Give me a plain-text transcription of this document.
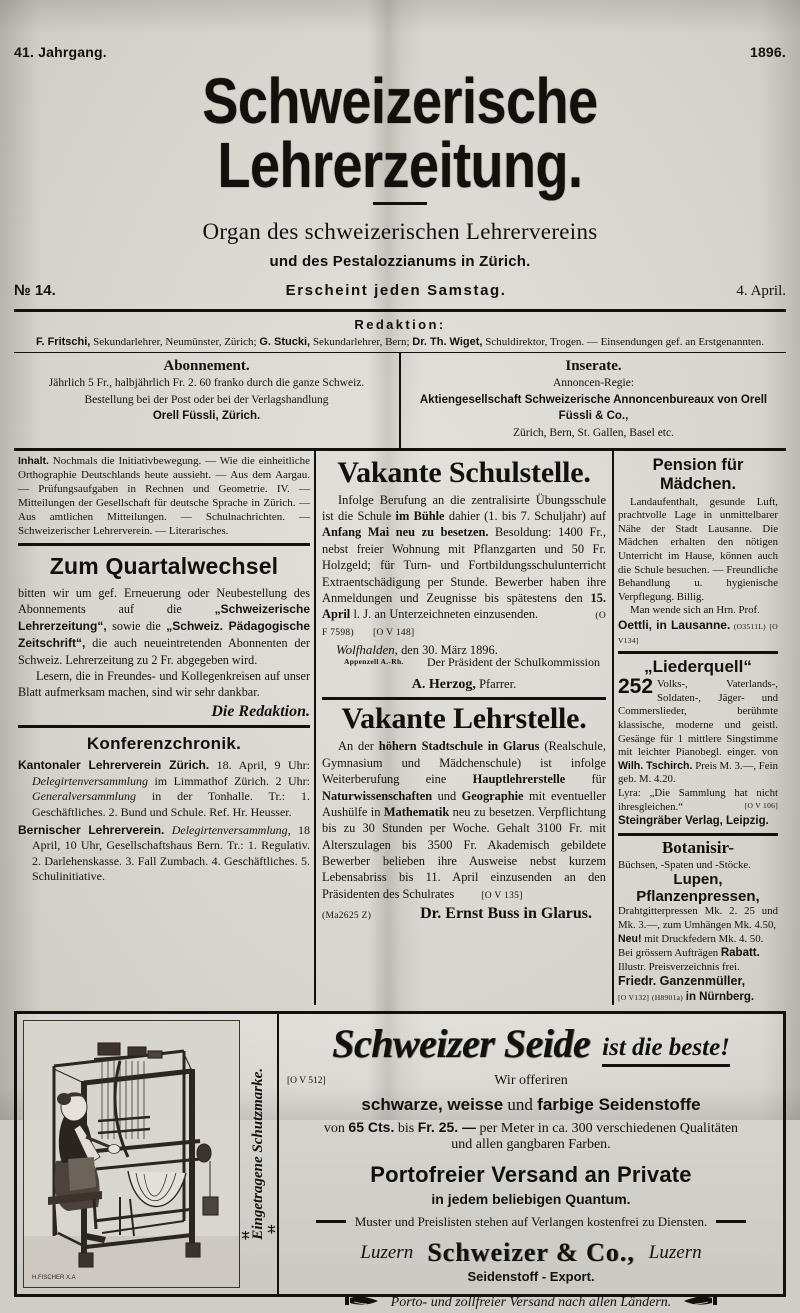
41. Jahrgang.	1896.
Schweizerische Lehrerzeitung.
Organ des schweizerischen Lehrervereins
und des Pestalozzianums in Zürich.
№ 14.	Erscheint jeden Samstag.	4. April.
Redaktion:
F. Fritschi, Sekundarlehrer, Neumünster, Zürich; G. Stucki, Sekundarlehrer, Bern; Dr. Th. Wiget, Schuldirektor, Trogen. — Einsendungen gef. an Erstgenannten.
Abonnement.
Jährlich 5 Fr., halbjährlich Fr. 2. 60 franko durch die ganze Schweiz.
Bestellung bei der Post oder bei der Verlagshandlung
Orell Füssli, Zürich.
Inserate.
Annoncen-Regie:
Aktiengesellschaft Schweizerische Annoncenbureaux von Orell Füssli & Co.,
Zürich, Bern, St. Gallen, Basel etc.
Inhalt. Nochmals die Initiativbewegung. — Wie die einheitliche Orthographie Deutschlands heute aussieht. — Aus dem Aargau. — Prüfungsaufgaben in Rechnen und Geometrie. IV. — Mitteilungen der Gesellschaft für deutsche Sprache in Zürich. — Aus amtlichen Mitteilungen. — Schulnachrichten. — Schweizerischer Lehrerverein. — Literarisches.
Zum Quartalwechsel
bitten wir um gef. Erneuerung oder Neubestellung des Abonnements auf die „Schweizerische Lehrerzeitung“, sowie die „Schweiz. Pädagogische Zeitschrift“, die auch neueintretenden Abonnenten der Schweiz. Lehrerzeitung zu 2 Fr. abgegeben wird.
Lesern, die in Freundes- und Kollegenkreisen auf unser Blatt aufmerksam machen, sind wir sehr dankbar.
Die Redaktion.
Konferenzchronik.
Kantonaler Lehrerverein Zürich. 18. April, 9 Uhr: Delegirtenversammlung im Limmathof Zürich. 2 Uhr: Generalversammlung in der Tonhalle. Tr.: 1. Geschäftliches. 2. Bund und Schule. Ref. Hr. Heusser.
Bernischer Lehrerverein. Delegirtenversammlung, 18 April, 10 Uhr, Gesellschaftshaus Bern. Tr.: 1. Regulativ. 2. Darlehenskasse. 3. Fall Zumbach. 4. Geschäftliches. 5. Schulinitiative.
Vakante Schulstelle.
Infolge Berufung an die zentralisirte Übungsschule ist die Schule im Bühle dahier (1. bis 7. Schuljahr) auf Anfang Mai neu zu besetzen. Besoldung: 1400 Fr., nebst freier Wohnung mit Pflanzgarten und 50 Fr. Holzgeld; für Turn- und Fortbildungsschulunterricht Extraentschädigung per Stunde. Bewerber haben ihre Anmeldungen und Zeugnisse bis spätestens den 15. April l. J. an Unterzeichneten einzusenden.	(O F 7598) [O V 148]
Wolfhalden, den 30. März 1896.
Appenzell A.-Rh. Der Präsident der Schulkommission
A. Herzog, Pfarrer.
Vakante Lehrstelle.
An der höhern Stadtschule in Glarus (Realschule, Gymnasium und Mädchenschule) ist infolge Weiterberufung eine Hauptlehrerstelle für Naturwissenschaften und Geographie mit eventueller Aushülfe in Mathematik neu zu besetzen. Verpflichtung bis zu 30 Stunden per Woche. Gehalt 3100 Fr. mit Alterszulagen bis 3500 Fr. Akademisch gebildete Bewerber belieben ihre Ausweise nebst kurzem Lebensabriss bis 11. April einzusenden an den Präsidenten des Schulrates	[O V 135]
(Ma2625 Z)	Dr. Ernst Buss in Glarus.
Pension für Mädchen.
Landaufenthalt, gesunde Luft, prachtvolle Lage in unmittelbarer Nähe der Stadt Lausanne. Die Mädchen erhalten den nötigen Unterricht im Hause, können auch die Schule besuchen. — Freundliche Behandlung u. hygienische Verpflegung. Billig.
Man wende sich an Hrn. Prof.
Oettli, in Lausanne. (O3511L) [O V134]
„Liederquell“
252 Volks-, Vaterlands-, Soldaten-, Jäger- und Commerslieder, berühmte klassische, moderne und geistl. Gesänge für 1 mittlere Singstimme mit leichter Pianobegl. einger. von Wilh. Tschirch. Preis M. 3.—, Fein geb. M. 4.20.
Lyra: „Die Sammlung hat nicht ihresgleichen.“	[O V 106]
Steingräber Verlag, Leipzig.
Botanisir-
Büchsen, -Spaten und -Stöcke.
Lupen, Pflanzenpressen,
Drahtgitterpressen Mk. 2. 25 und Mk. 3.—, zum Umhängen Mk. 4.50,
Neu! mit Druckfedern Mk. 4. 50.
Bei grössern Aufträgen Rabatt.
Illustr. Preisverzeichnis frei.
Friedr. Ganzenmüller,
[O V132] (H8901a) in Nürnberg.
H.FISCHER X.A
Eingetragene Schutzmarke.
Schweizer Seide ist die beste!
[O V 512]	Wir offeriren
schwarze, weisse und farbige Seidenstoffe
von 65 Cts. bis Fr. 25. — per Meter in ca. 300 verschiedenen Qualitäten
und allen gangbaren Farben.
Portofreier Versand an Private
in jedem beliebigen Quantum.
Muster und Preislisten stehen auf Verlangen kostenfrei zu Diensten.
Luzern Schweizer & Co., Luzern
Seidenstoff - Export.
Porto- und zollfreier Versand nach allen Ländern.
